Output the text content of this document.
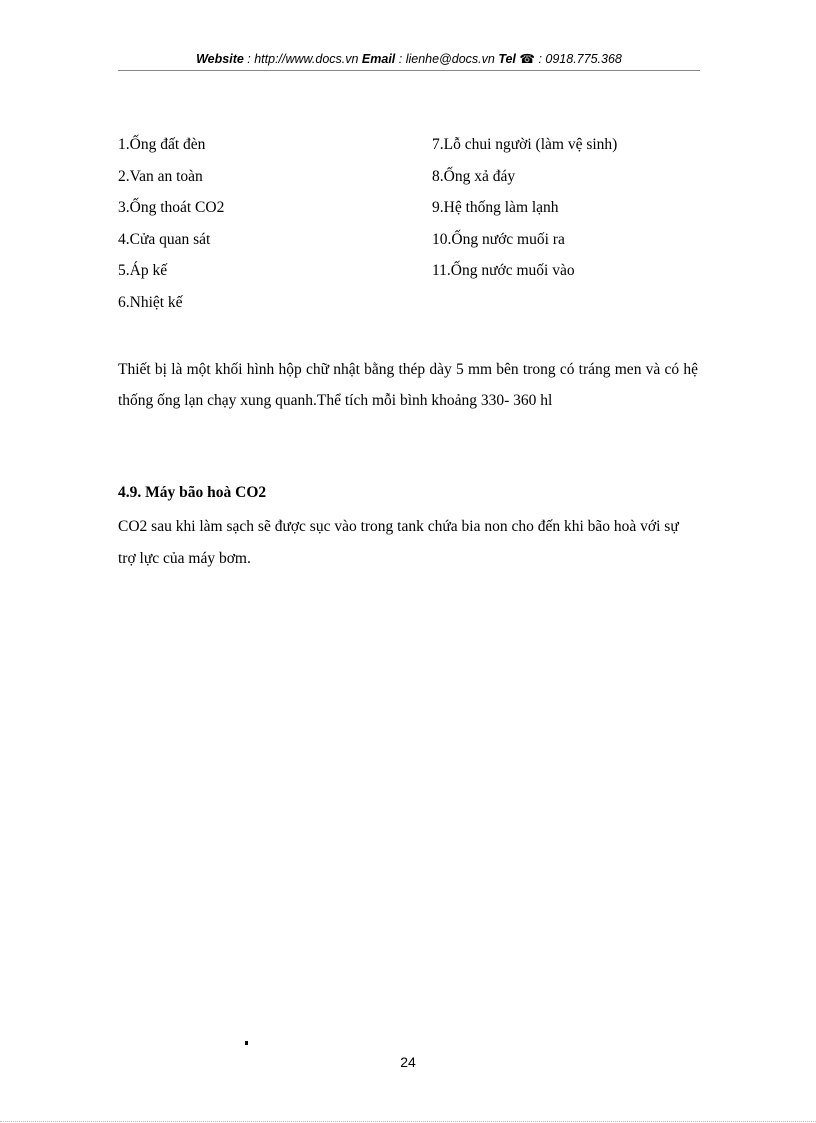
Website : http://www.docs.vn Email : lienhe@docs.vn Tel ☎ : 0918.775.368
1.Ống đất đèn
2.Van an toàn
3.Ống thoát CO2
4.Cửa quan sát
5.Áp kế
6.Nhiệt kế
7.Lỗ chui người (làm vệ sinh)
8.Ống xả đáy
9.Hệ thống làm lạnh
10.Ống nước muối ra
11.Ống nước muối vào

Thiết bị là một khối hình hộp chữ nhật bằng thép dày 5 mm bên trong có tráng men và có hệ thống ống lạn chạy xung quanh.Thể tích mỗi bình khoảng 330- 360 hl

4.9. Máy bão hoà CO2

CO2 sau khi làm sạch sẽ được sục vào trong tank chứa bia non cho đến khi bão hoà với sự trợ lực của máy bơm.

24
